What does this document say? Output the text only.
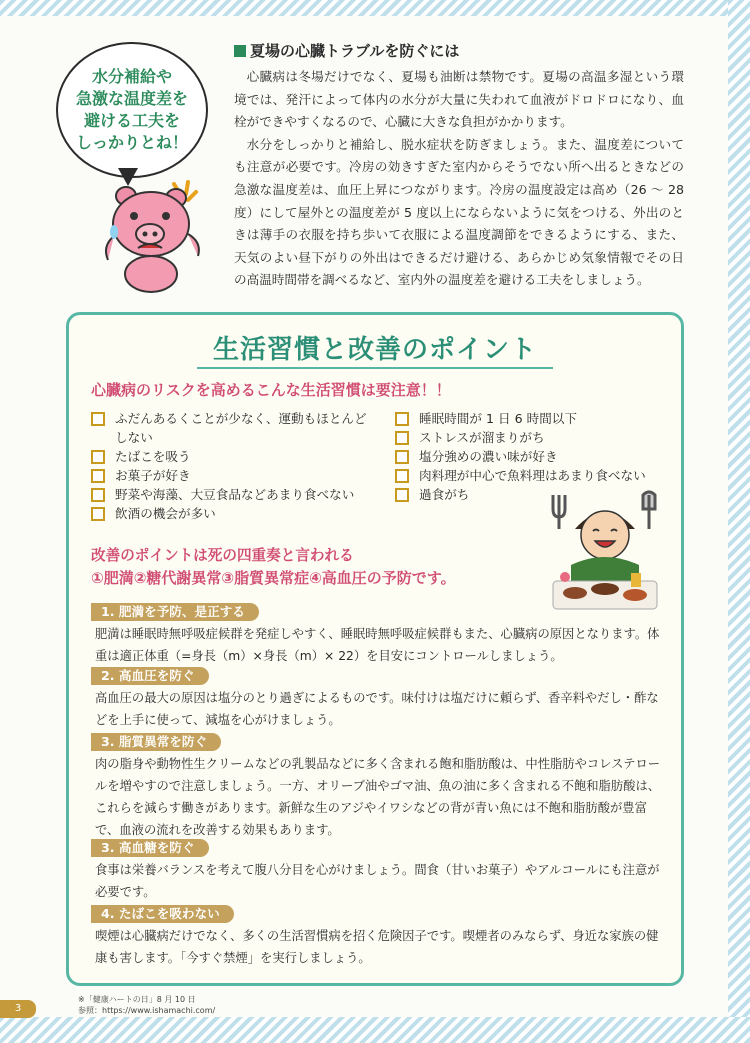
水分補給や
急激な温度差を
避ける工夫を
しっかりとね！
夏場の心臓トラブルを防ぐには

心臓病は冬場だけでなく、夏場も油断は禁物です。夏場の高温多湿という環境では、発汗によって体内の水分が大量に失われて血液がドロドロになり、血栓ができやすくなるので、心臓に大きな負担がかかります。

水分をしっかりと補給し、脱水症状を防ぎましょう。また、温度差についても注意が必要です。冷房の効きすぎた室内からそうでない所へ出るときなどの急激な温度差は、血圧上昇につながります。冷房の温度設定は高め（26 〜 28 度）にして屋外との温度差が 5 度以上にならないように気をつける、外出のときは薄手の衣服を持ち歩いて衣服による温度調節をできるようにする、また、天気のよい昼下がりの外出はできるだけ避ける、あらかじめ気象情報でその日の高温時間帯を調べるなど、室内外の温度差を避ける工夫をしましょう。

生活習慣と改善のポイント
心臓病のリスクを高めるこんな生活習慣は要注意！！
ふだんあるくことが少なく、運動もほとんどしない
たばこを吸う
お菓子が好き
野菜や海藻、大豆食品などあまり食べない
飲酒の機会が多い
睡眠時間が 1 日 6 時間以下
ストレスが溜まりがち
塩分強めの濃い味が好き
肉料理が中心で魚料理はあまり食べない
過食がち
改善のポイントは死の四重奏と言われる
①肥満②糖代謝異常③脂質異常症④高血圧の予防です。
1. 肥満を予防、是正する
肥満は睡眠時無呼吸症候群を発症しやすく、睡眠時無呼吸症候群もまた、心臓病の原因となります。体重は適正体重（=身長（m）×身長（m）× 22）を目安にコントロールしましょう。
2. 高血圧を防ぐ
高血圧の最大の原因は塩分のとり過ぎによるものです。味付けは塩だけに頼らず、香辛料やだし・酢などを上手に使って、減塩を心がけましょう。
3. 脂質異常を防ぐ
肉の脂身や動物性生クリームなどの乳製品などに多く含まれる飽和脂肪酸は、中性脂肪やコレステロールを増やすので注意しましょう。一方、オリーブ油やゴマ油、魚の油に多く含まれる不飽和脂肪酸は、これらを減らす働きがあります。新鮮な生のアジやイワシなどの背が青い魚には不飽和脂肪酸が豊富で、血液の流れを改善する効果もあります。
3. 高血糖を防ぐ
食事は栄養バランスを考えて腹八分目を心がけましょう。間食（甘いお菓子）やアルコールにも注意が必要です。
4. たばこを吸わない
喫煙は心臓病だけでなく、多くの生活習慣病を招く危険因子です。喫煙者のみならず、身近な家族の健康も害します。「今すぐ禁煙」を実行しましょう。
※「健康ハートの日」8 月 10 日
参照：https://www.ishamachi.com/
3
